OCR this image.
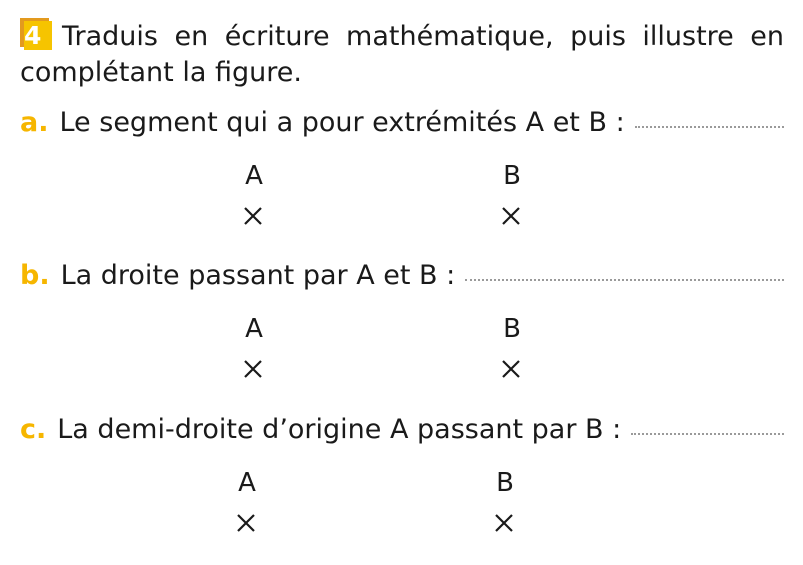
4 Traduis en écriture mathématique, puis illustre en complétant la figure.
a. Le segment qui a pour extrémités A et B :
A	B
b. La droite passant par A et B :
A	B
c. La demi-droite d’origine A passant par B :
A	B
